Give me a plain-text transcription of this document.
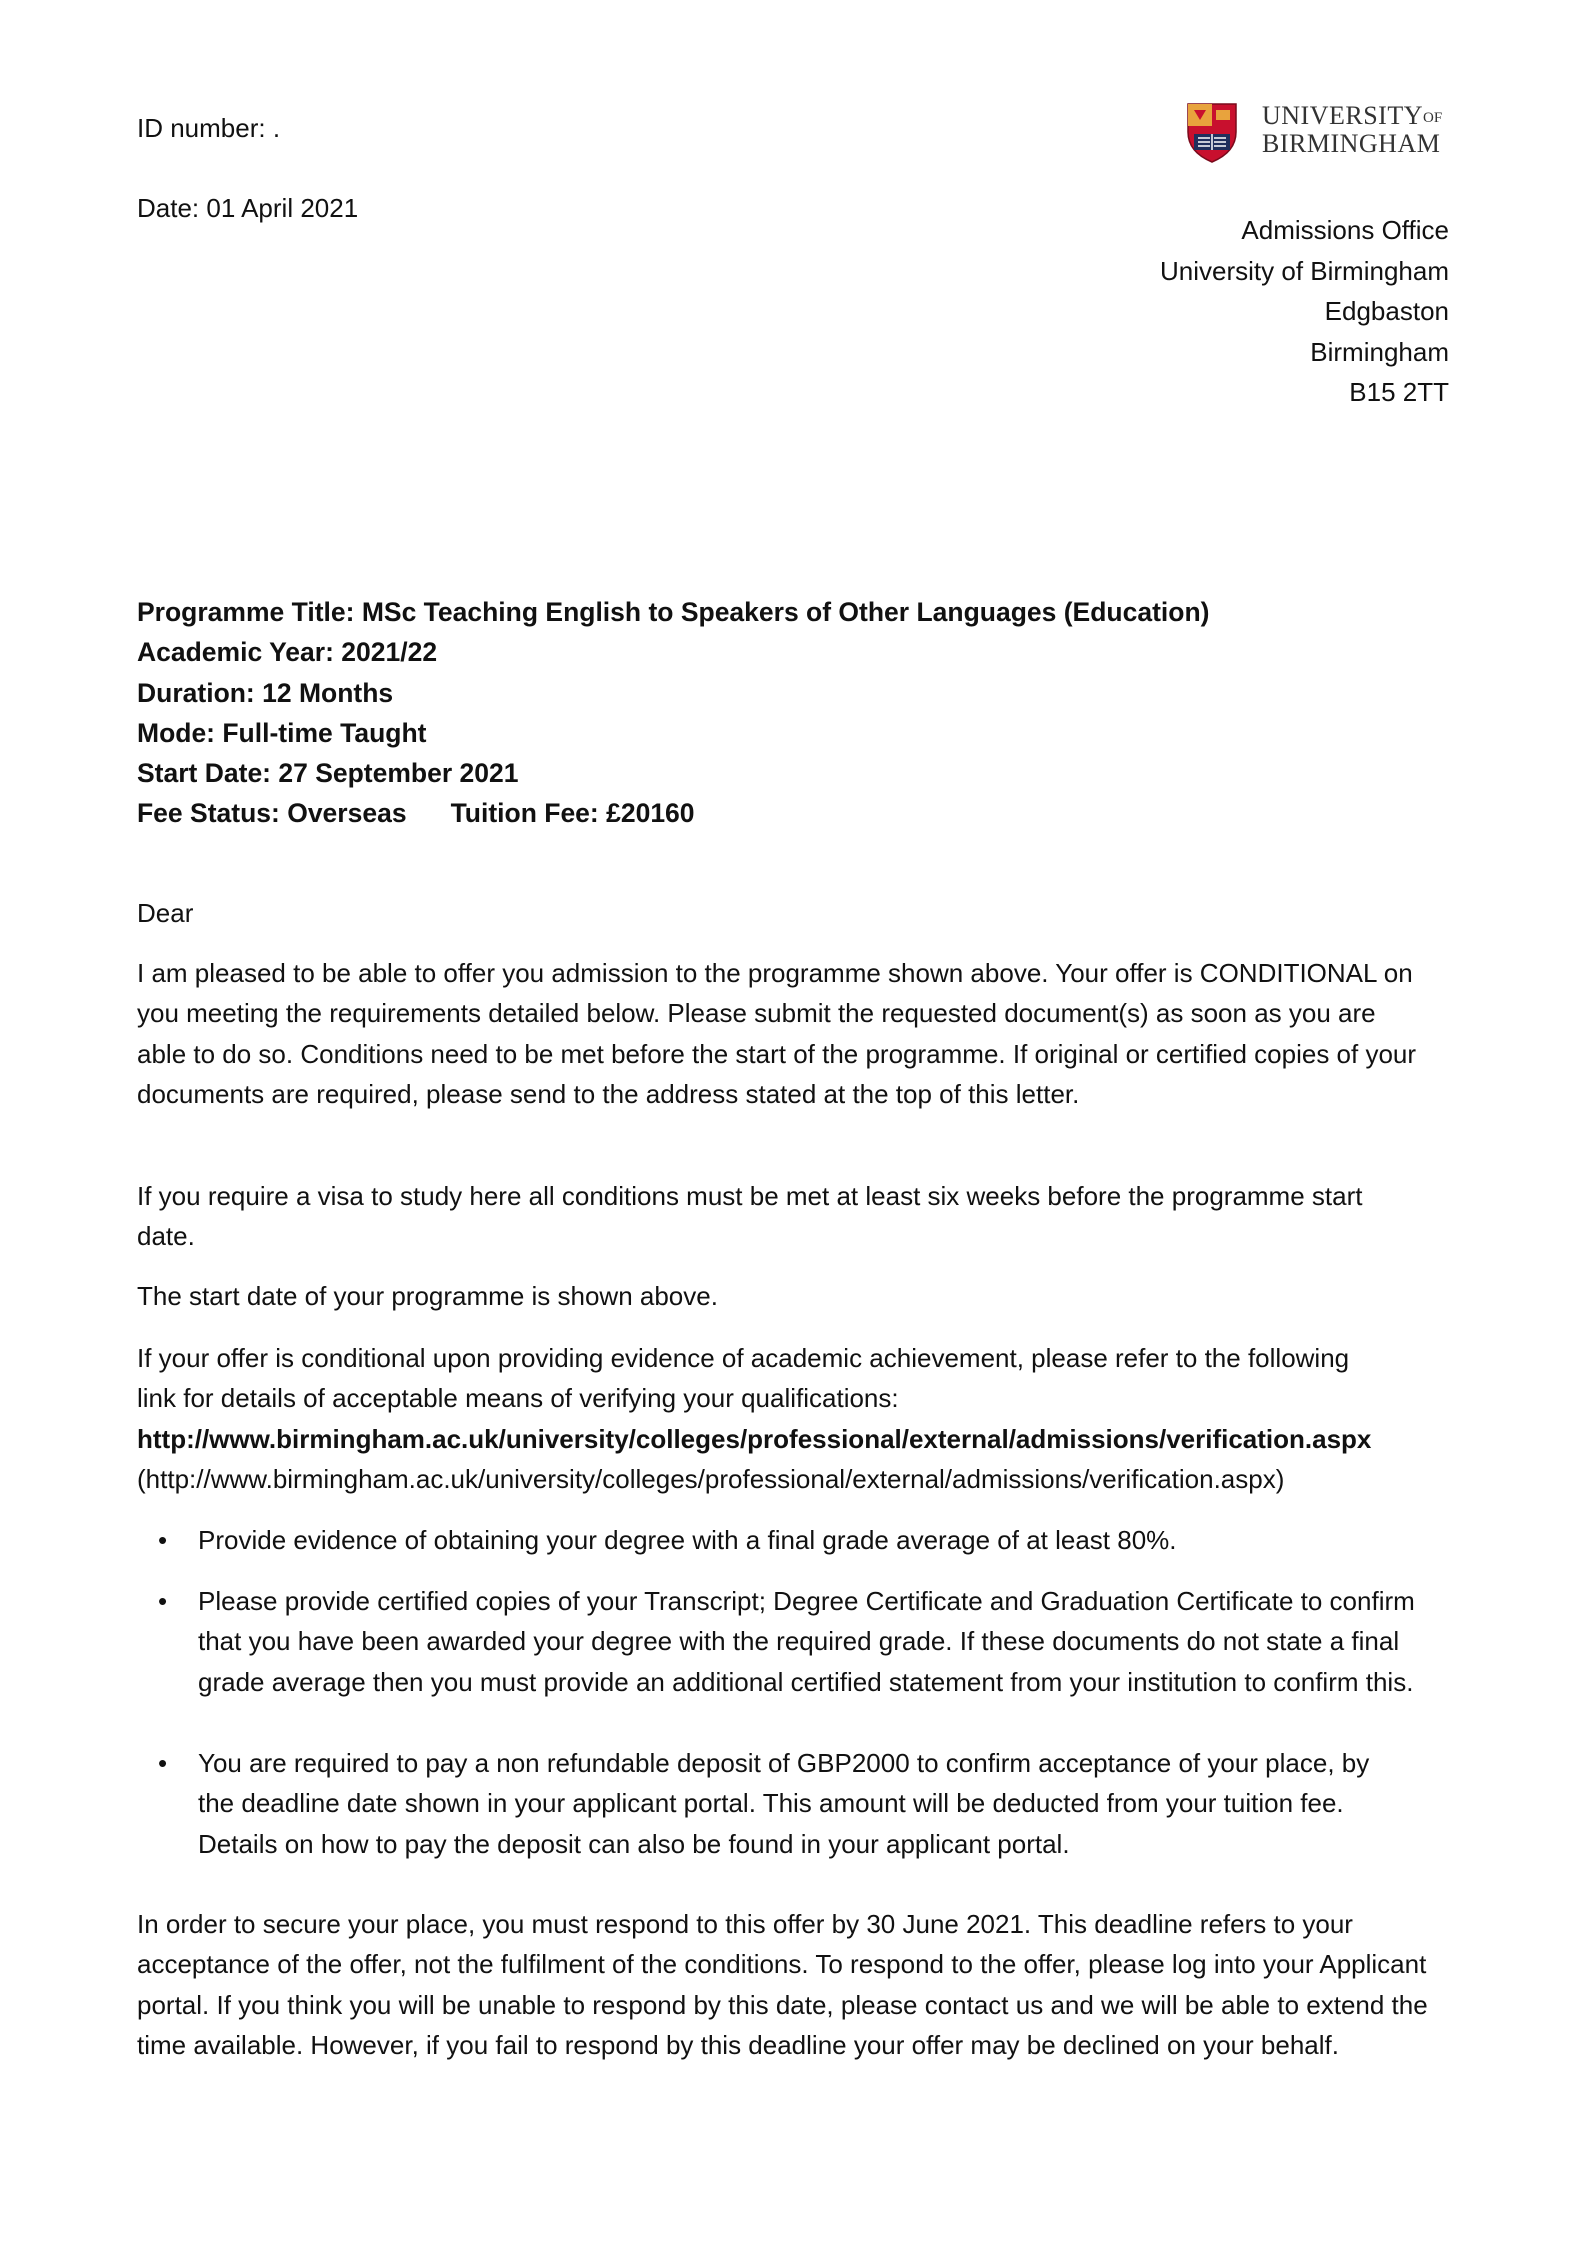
ID number: .
Date: 01 April 2021
$UNIVERSITY^{OF}$
BIRMINGHAM
Admissions Office
University of Birmingham
Edgbaston
Birmingham
B15 2TT
Programme Title: MSc Teaching English to Speakers of Other Languages (Education)
Academic Year: 2021/22
Duration: 12 Months
Mode: Full-time Taught
Start Date: 27 September 2021
Fee Status: Overseas Tuition Fee: £20160
Dear

I am pleased to be able to offer you admission to the programme shown above. Your offer is CONDITIONAL on you meeting the requirements detailed below. Please submit the requested document(s) as soon as you are able to do so. Conditions need to be met before the start of the programme. If original or certified copies of your documents are required, please send to the address stated at the top of this letter.

If you require a visa to study here all conditions must be met at least six weeks before the programme start date.

The start date of your programme is shown above.

If your offer is conditional upon providing evidence of academic achievement, please refer to the following link for details of acceptable means of verifying your qualifications:

http://www.birmingham.ac.uk/university/colleges/professional/external/admissions/verification.aspx
(http://www.birmingham.ac.uk/university/colleges/professional/external/admissions/verification.aspx)
• Provide evidence of obtaining your degree with a final grade average of at least 80%.
• Please provide certified copies of your Transcript; Degree Certificate and Graduation Certificate to confirm that you have been awarded your degree with the required grade. If these documents do not state a final grade average then you must provide an additional certified statement from your institution to confirm this.
• You are required to pay a non refundable deposit of GBP2000 to confirm acceptance of your place, by the deadline date shown in your applicant portal. This amount will be deducted from your tuition fee. Details on how to pay the deposit can also be found in your applicant portal.

In order to secure your place, you must respond to this offer by 30 June 2021. This deadline refers to your acceptance of the offer, not the fulfilment of the conditions. To respond to the offer, please log into your Applicant portal. If you think you will be unable to respond by this date, please contact us and we will be able to extend the time available. However, if you fail to respond by this deadline your offer may be declined on your behalf.
